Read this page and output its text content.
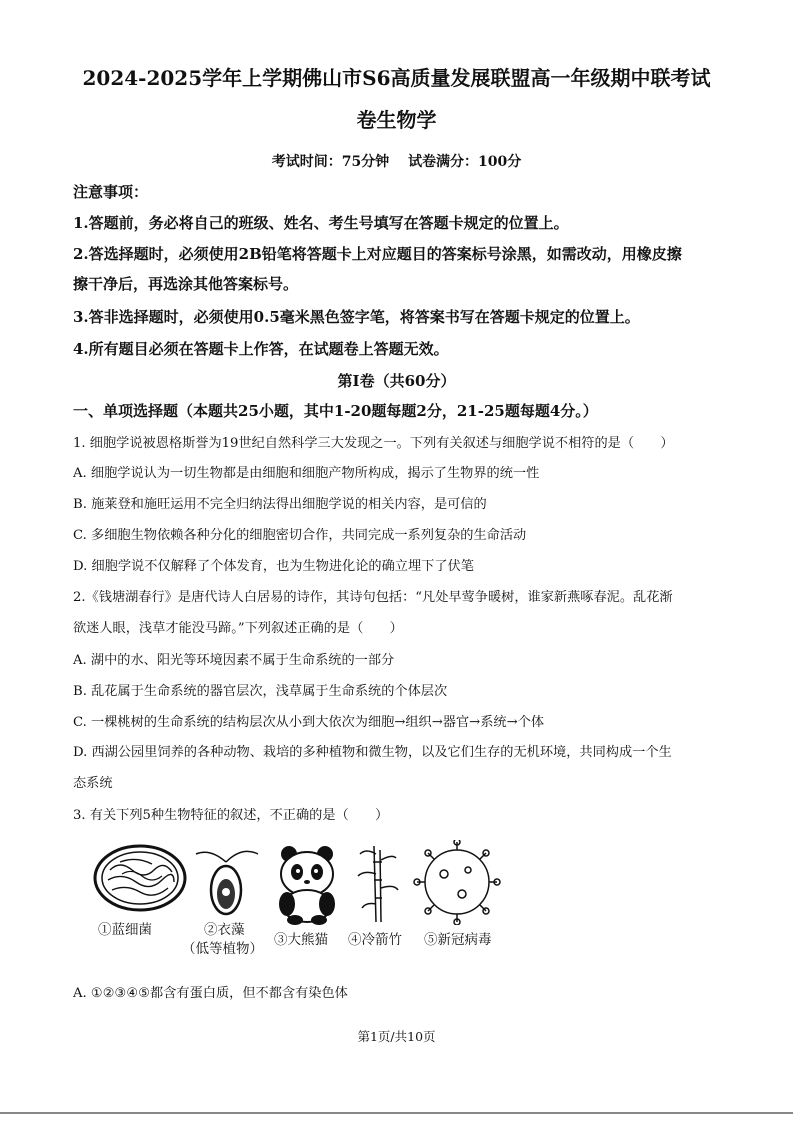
2024-2025学年上学期佛山市S6高质量发展联盟高一年级期中联考试
卷生物学
考试时间：75分钟 试卷满分：100分
注意事项：
1.答题前，务必将自己的班级、姓名、考生号填写在答题卡规定的位置上。
2.答选择题时，必须使用2B铅笔将答题卡上对应题目的答案标号涂黑，如需改动，用橡皮擦
擦干净后，再选涂其他答案标号。
3.答非选择题时，必须使用0.5毫米黑色签字笔，将答案书写在答题卡规定的位置上。
4.所有题目必须在答题卡上作答，在试题卷上答题无效。
第I卷（共60分）
一、单项选择题（本题共25小题，其中1-20题每题2分，21-25题每题4分。）
1. 细胞学说被恩格斯誉为19世纪自然科学三大发现之一。下列有关叙述与细胞学说不相符的是（　　）
A. 细胞学说认为一切生物都是由细胞和细胞产物所构成，揭示了生物界的统一性
B. 施莱登和施旺运用不完全归纳法得出细胞学说的相关内容，是可信的
C. 多细胞生物依赖各种分化的细胞密切合作，共同完成一系列复杂的生命活动
D. 细胞学说不仅解释了个体发育，也为生物进化论的确立埋下了伏笔
2.《钱塘湖春行》是唐代诗人白居易的诗作，其诗句包括：“凡处早莺争暖树，谁家新燕啄春泥。乱花渐
欲迷人眼，浅草才能没马蹄。”下列叙述正确的是（　　）
A. 湖中的水、阳光等环境因素不属于生命系统的一部分
B. 乱花属于生命系统的器官层次，浅草属于生命系统的个体层次
C. 一棵桃树的生命系统的结构层次从小到大依次为细胞→组织→器官→系统→个体
D. 西湖公园里饲养的各种动物、栽培的多种植物和微生物，以及它们生存的无机环境，共同构成一个生
态系统
3. 有关下列5种生物特征的叙述，不正确的是（　　）
①蓝细菌	②衣藻
（低等植物）
③大熊猫 ④冷箭竹 ⑤新冠病毒
A. ①②③④⑤都含有蛋白质，但不都含有染色体
第1页/共10页
